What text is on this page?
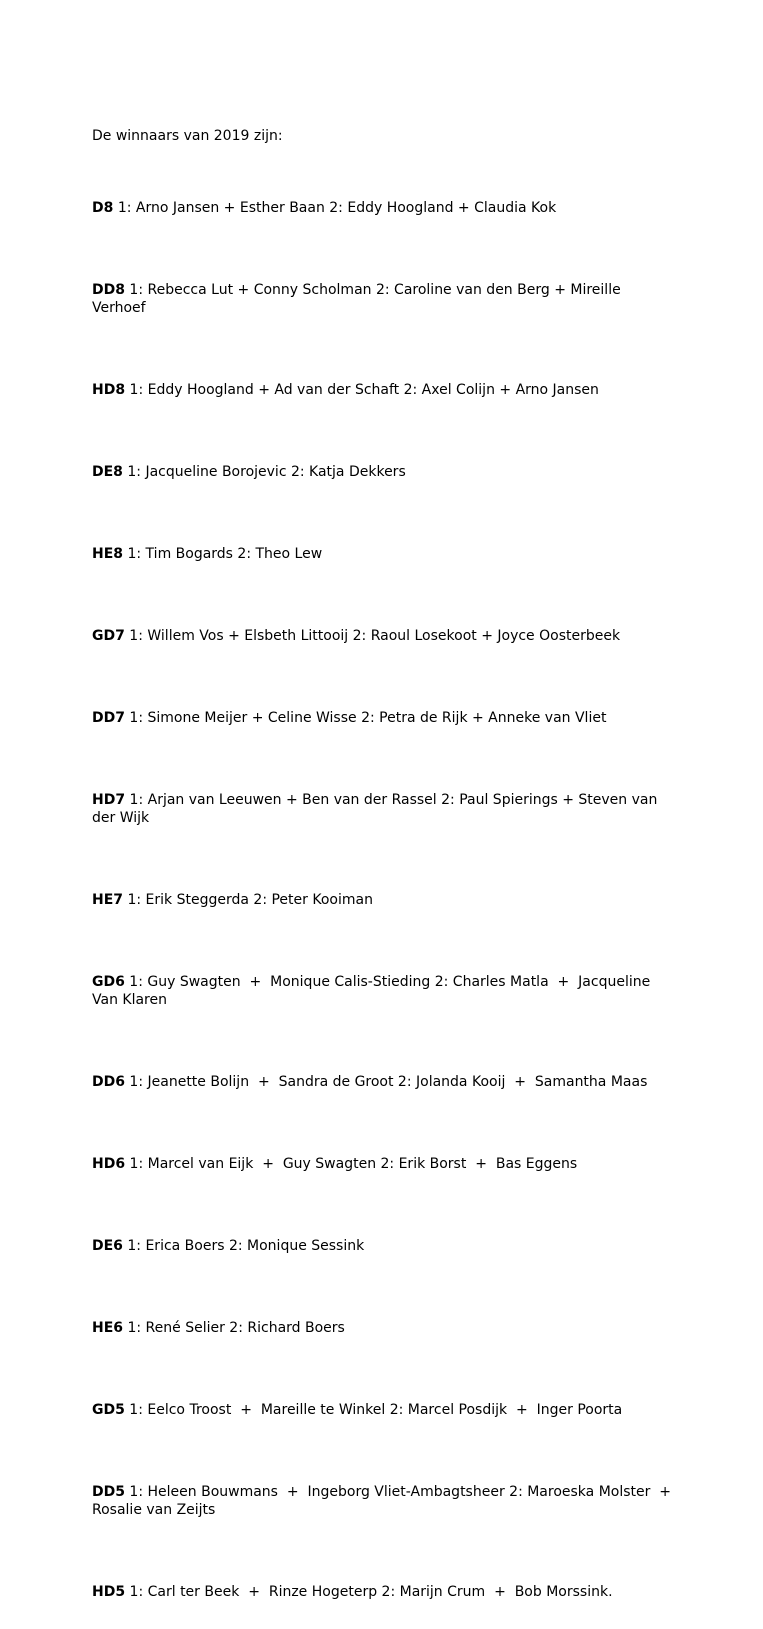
De winnaars van 2019 zijn:

D8 1: Arno Jansen + Esther Baan 2: Eddy Hoogland + Claudia Kok

DD8 1: Rebecca Lut + Conny Scholman 2: Caroline van den Berg + Mireille Verhoef

HD8 1: Eddy Hoogland + Ad van der Schaft 2: Axel Colijn + Arno Jansen

DE8 1: Jacqueline Borojevic 2: Katja Dekkers

HE8 1: Tim Bogards 2: Theo Lew

GD7 1: Willem Vos + Elsbeth Littooij 2: Raoul Losekoot + Joyce Oosterbeek

DD7 1: Simone Meijer + Celine Wisse 2: Petra de Rijk + Anneke van Vliet

HD7 1: Arjan van Leeuwen + Ben van der Rassel 2: Paul Spierings + Steven van der Wijk

HE7 1: Erik Steggerda 2: Peter Kooiman

GD6 1: Guy Swagten  +  Monique Calis-Stieding 2: Charles Matla  +  Jacqueline Van Klaren

DD6 1: Jeanette Bolijn  +  Sandra de Groot 2: Jolanda Kooij  +  Samantha Maas

HD6 1: Marcel van Eijk  +  Guy Swagten 2: Erik Borst  +  Bas Eggens

DE6 1: Erica Boers 2: Monique Sessink

HE6 1: René Selier 2: Richard Boers

GD5 1: Eelco Troost  +  Mareille te Winkel 2: Marcel Posdijk  +  Inger Poorta

DD5 1: Heleen Bouwmans  +  Ingeborg Vliet-Ambagtsheer 2: Maroeska Molster  +  Rosalie van Zeijts

HD5 1: Carl ter Beek  +  Rinze Hogeterp 2: Marijn Crum  +  Bob Morssink.
